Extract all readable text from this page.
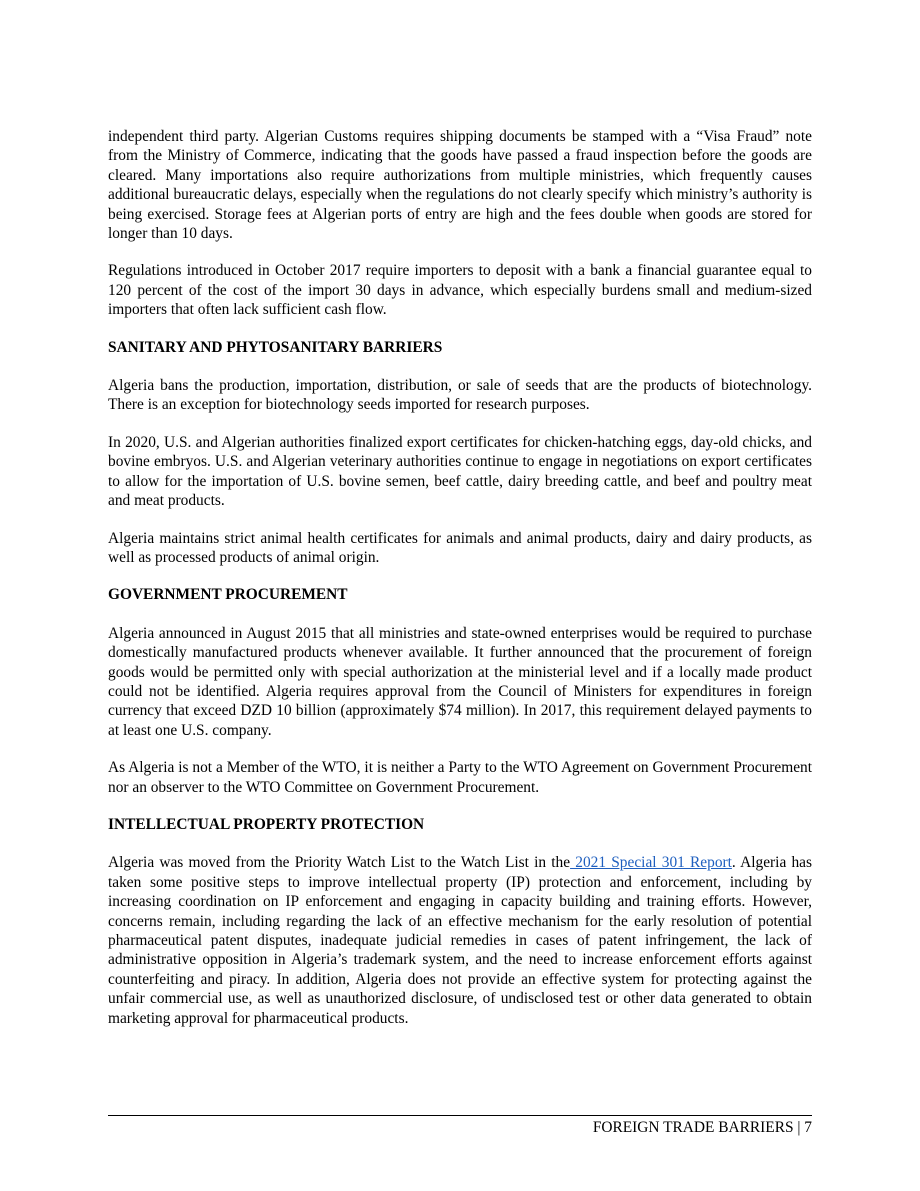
independent third party. Algerian Customs requires shipping documents be stamped with a “Visa Fraud” note from the Ministry of Commerce, indicating that the goods have passed a fraud inspection before the goods are cleared. Many importations also require authorizations from multiple ministries, which frequently causes additional bureaucratic delays, especially when the regulations do not clearly specify which ministry’s authority is being exercised. Storage fees at Algerian ports of entry are high and the fees double when goods are stored for longer than 10 days.

Regulations introduced in October 2017 require importers to deposit with a bank a financial guarantee equal to 120 percent of the cost of the import 30 days in advance, which especially burdens small and medium-sized importers that often lack sufficient cash flow.

SANITARY AND PHYTOSANITARY BARRIERS

Algeria bans the production, importation, distribution, or sale of seeds that are the products of biotechnology. There is an exception for biotechnology seeds imported for research purposes.

In 2020, U.S. and Algerian authorities finalized export certificates for chicken-hatching eggs, day-old chicks, and bovine embryos. U.S. and Algerian veterinary authorities continue to engage in negotiations on export certificates to allow for the importation of U.S. bovine semen, beef cattle, dairy breeding cattle, and beef and poultry meat and meat products.

Algeria maintains strict animal health certificates for animals and animal products, dairy and dairy products, as well as processed products of animal origin.

GOVERNMENT PROCUREMENT

Algeria announced in August 2015 that all ministries and state-owned enterprises would be required to purchase domestically manufactured products whenever available. It further announced that the procurement of foreign goods would be permitted only with special authorization at the ministerial level and if a locally made product could not be identified. Algeria requires approval from the Council of Ministers for expenditures in foreign currency that exceed DZD 10 billion (approximately $74 million). In 2017, this requirement delayed payments to at least one U.S. company.

As Algeria is not a Member of the WTO, it is neither a Party to the WTO Agreement on Government Procurement nor an observer to the WTO Committee on Government Procurement.

INTELLECTUAL PROPERTY PROTECTION

Algeria was moved from the Priority Watch List to the Watch List in the 2021 Special 301 Report. Algeria has taken some positive steps to improve intellectual property (IP) protection and enforcement, including by increasing coordination on IP enforcement and engaging in capacity building and training efforts. However, concerns remain, including regarding the lack of an effective mechanism for the early resolution of potential pharmaceutical patent disputes, inadequate judicial remedies in cases of patent infringement, the lack of administrative opposition in Algeria’s trademark system, and the need to increase enforcement efforts against counterfeiting and piracy. In addition, Algeria does not provide an effective system for protecting against the unfair commercial use, as well as unauthorized disclosure, of undisclosed test or other data generated to obtain marketing approval for pharmaceutical products.

FOREIGN TRADE BARRIERS | 7
